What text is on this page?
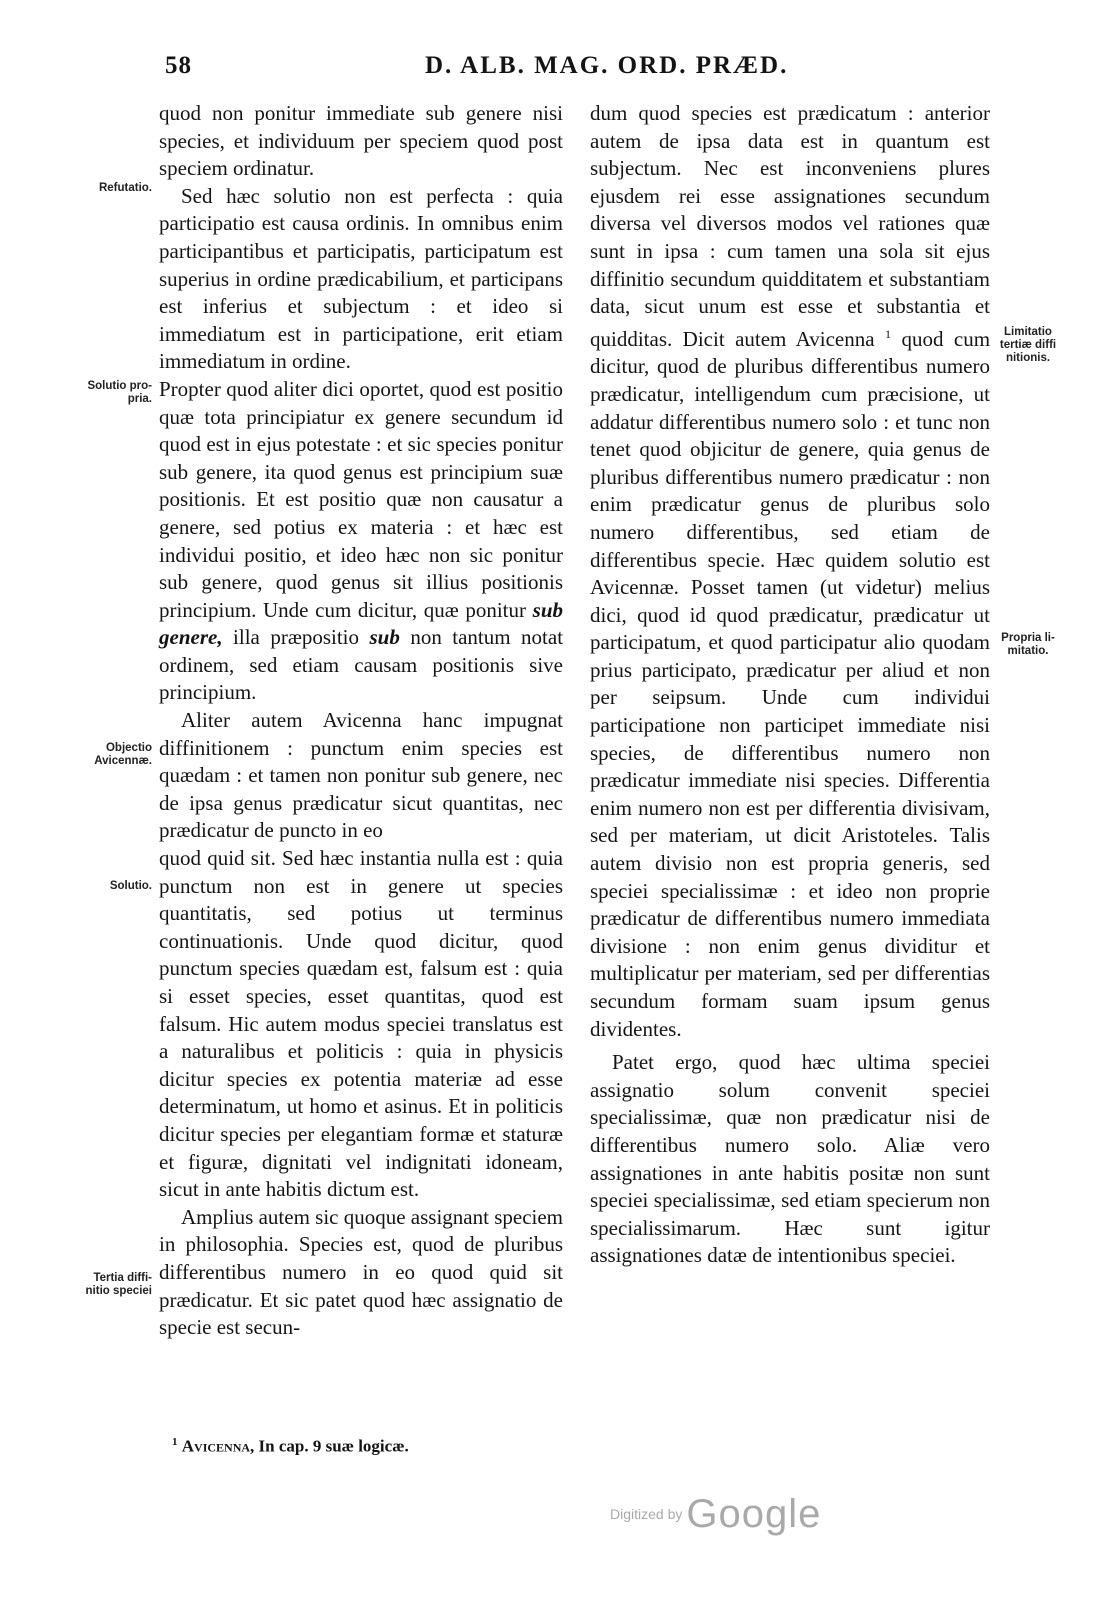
58	D. ALB. MAG. ORD. PRÆD.
Refutatio.
Solutio pro-
pria.
Objectio
Avicennæ.
Solutio.
Tertia diffi-
nitio speciei
Limitatio
tertiæ diffi
nitionis.
Propria li-
mitatio.

quod non ponitur immediate sub genere nisi species, et individuum per speciem quod post speciem ordinatur.

Sed hæc solutio non est perfecta : quia participatio est causa ordinis. In omnibus enim participantibus et participatis, participatum est superius in ordine prædicabilium, et participans est inferius et subjectum : et ideo si immediatum est in participatione, erit etiam immediatum in ordine.

Propter quod aliter dici oportet, quod est positio quæ tota principiatur ex genere secundum id quod est in ejus potestate : et sic species ponitur sub genere, ita quod genus est principium suæ positionis. Et est positio quæ non causatur a genere, sed potius ex materia : et hæc est individui positio, et ideo hæc non sic ponitur sub genere, quod genus sit illius positionis principium. Unde cum dicitur, quæ ponitur sub genere, illa præpositio sub non tantum notat ordinem, sed etiam causam positionis sive principium.

Aliter autem Avicenna hanc impugnat diffinitionem : punctum enim species est quædam : et tamen non ponitur sub genere, nec de ipsa genus prædicatur sicut quantitas, nec prædicatur de puncto in eo

quod quid sit. Sed hæc instantia nulla est : quia punctum non est in genere ut species quantitatis, sed potius ut terminus continuationis. Unde quod dicitur, quod punctum species quædam est, falsum est : quia si esset species, esset quantitas, quod est falsum. Hic autem modus speciei translatus est a naturalibus et politicis : quia in physicis dicitur species ex potentia materiæ ad esse determinatum, ut homo et asinus. Et in politicis dicitur species per elegantiam formæ et staturæ et figuræ, dignitati vel indignitati idoneam, sicut in ante habitis dictum est.

Amplius autem sic quoque assignant speciem in philosophia. Species est, quod de pluribus differentibus numero in eo quod quid sit prædicatur. Et sic patet quod hæc assignatio de specie est secun-

dum quod species est prædicatum : anterior autem de ipsa data est in quantum est subjectum. Nec est inconveniens plures ejusdem rei esse assignationes secundum diversa vel diversos modos vel rationes quæ sunt in ipsa : cum tamen una sola sit ejus diffinitio secundum quidditatem et substantiam data, sicut unum est esse et substantia et quidditas. Dicit autem Avicenna $^1$ quod cum dicitur, quod de pluribus differentibus numero prædicatur, intelligendum cum præcisione, ut addatur differentibus numero solo : et tunc non tenet quod objicitur de genere, quia genus de pluribus differentibus numero prædicatur : non enim prædicatur genus de pluribus solo numero differentibus, sed etiam de differentibus specie. Hæc quidem solutio est Avicennæ. Posset tamen (ut videtur) melius dici, quod id quod prædicatur, prædicatur ut participatum, et quod participatur alio quodam prius participato, prædicatur per aliud et non per seipsum. Unde cum individui participatione non participet immediate nisi species, de differentibus numero non prædicatur immediate nisi species. Differentia enim numero non est per differentia divisivam, sed per materiam, ut dicit Aristoteles. Talis autem divisio non est propria generis, sed speciei specialissimæ : et ideo non proprie prædicatur de differentibus numero immediata divisione : non enim genus dividitur et multiplicatur per materiam, sed per differentias secundum formam suam ipsum genus dividentes.

Patet ergo, quod hæc ultima speciei assignatio solum convenit speciei specialissimæ, quæ non prædicatur nisi de differentibus numero solo. Aliæ vero assignationes in ante habitis positæ non sunt speciei specialissimæ, sed etiam specierum non specialissimarum. Hæc sunt igitur assignationes datæ de intentionibus speciei.

$^1$ Avicenna, In cap. 9 suæ logicæ.
Digitized by Google
